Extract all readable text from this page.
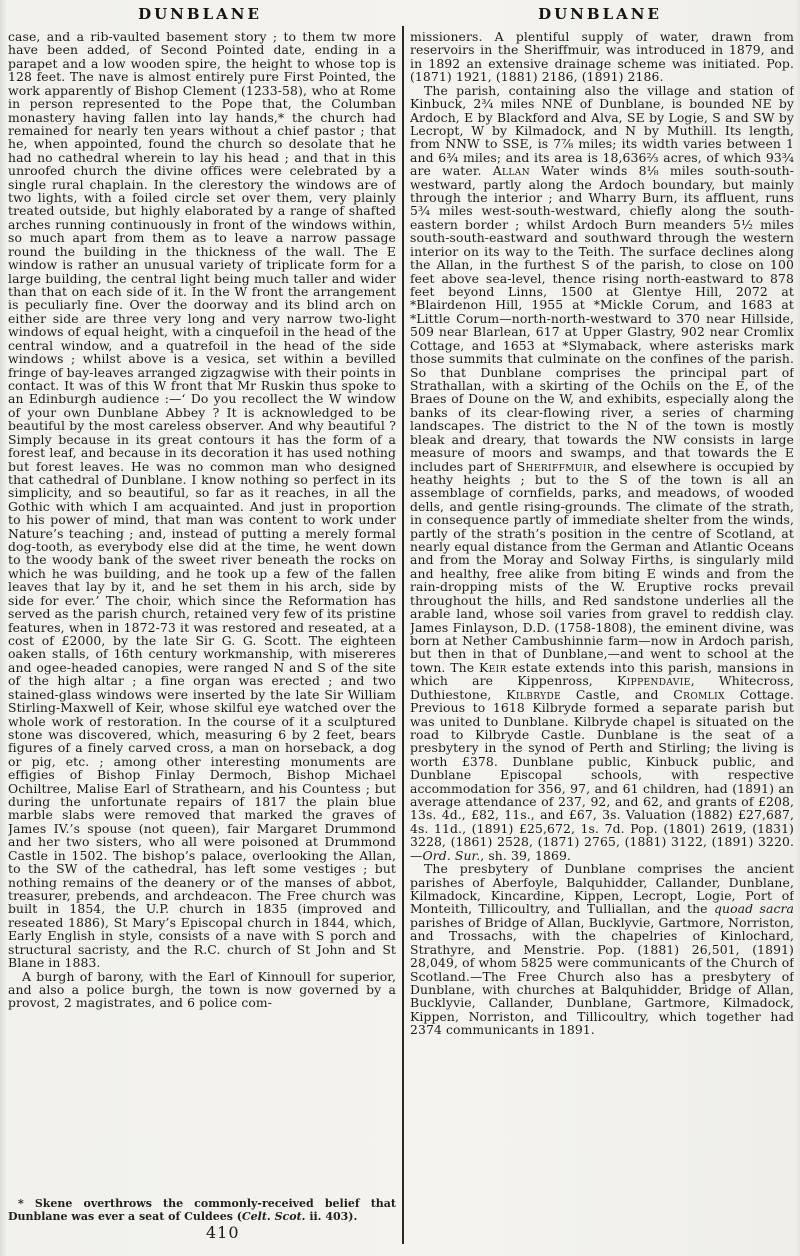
DUNBLANE	DUNBLANE

case, and a rib-vaulted basement story ; to them tw more have been added, of Second Pointed date, ending in a parapet and a low wooden spire, the height to whose top is 128 feet. The nave is almost entirely pure First Pointed, the work apparently of Bishop Clement (1233-58), who at Rome in person represented to the Pope that, the Columban monastery having fallen into lay hands,* the church had remained for nearly ten years without a chief pastor ; that he, when appointed, found the church so desolate that he had no cathedral wherein to lay his head ; and that in this unroofed church the divine offices were celebrated by a single rural chaplain. In the clerestory the windows are of two lights, with a foiled circle set over them, very plainly treated outside, but highly elaborated by a range of shafted arches running continuously in front of the windows within, so much apart from them as to leave a narrow passage round the building in the thickness of the wall. The E window is rather an unusual variety of triplicate form for a large building, the central light being much taller and wider than that on each side of it. In the W front the arrangement is peculiarly fine. Over the doorway and its blind arch on either side are three very long and very narrow two-light windows of equal height, with a cinquefoil in the head of the central window, and a quatrefoil in the head of the side windows ; whilst above is a vesica, set within a bevilled fringe of bay-leaves arranged zigzagwise with their points in contact. It was of this W front that Mr Ruskin thus spoke to an Edinburgh audience :—‘ Do you recollect the W window of your own Dunblane Abbey ? It is acknowledged to be beautiful by the most careless observer. And why beautiful ? Simply because in its great contours it has the form of a forest leaf, and because in its decoration it has used nothing but forest leaves. He was no common man who designed that cathedral of Dunblane. I know nothing so perfect in its simplicity, and so beautiful, so far as it reaches, in all the Gothic with which I am acquainted. And just in proportion to his power of mind, that man was content to work under Nature’s teaching ; and, instead of putting a merely formal dog-tooth, as everybody else did at the time, he went down to the woody bank of the sweet river beneath the rocks on which he was building, and he took up a few of the fallen leaves that lay by it, and he set them in his arch, side by side for ever.’ The choir, which since the Reformation has served as the parish church, retained very few of its pristine features, when in 1872-73 it was restored and reseated, at a cost of £2000, by the late Sir G. G. Scott. The eighteen oaken stalls, of 16th century workmanship, with misereres and ogee-headed canopies, were ranged N and S of the site of the high altar ; a fine organ was erected ; and two stained-glass windows were inserted by the late Sir William Stirling-Maxwell of Keir, whose skilful eye watched over the whole work of restoration. In the course of it a sculptured stone was discovered, which, measuring 6 by 2 feet, bears figures of a finely carved cross, a man on horseback, a dog or pig, etc. ; among other interesting monuments are effigies of Bishop Finlay Dermoch, Bishop Michael Ochiltree, Malise Earl of Strathearn, and his Countess ; but during the unfortunate repairs of 1817 the plain blue marble slabs were removed that marked the graves of James IV.’s spouse (not queen), fair Margaret Drummond and her two sisters, who all were poisoned at Drummond Castle in 1502. The bishop’s palace, overlooking the Allan, to the SW of the cathedral, has left some vestiges ; but nothing remains of the deanery or of the manses of abbot, treasurer, prebends, and archdeacon. The Free church was built in 1854, the U.P. church in 1835 (improved and reseated 1886), St Mary’s Episcopal church in 1844, which, Early English in style, consists of a nave with S porch and structural sacristy, and the R.C. church of St John and St Blane in 1883.

A burgh of barony, with the Earl of Kinnoull for superior, and also a police burgh, the town is now governed by a provost, 2 magistrates, and 6 police com-

missioners. A plentiful supply of water, drawn from reservoirs in the Sheriffmuir, was introduced in 1879, and in 1892 an extensive drainage scheme was initiated. Pop. (1871) 1921, (1881) 2186, (1891) 2186.

The parish, containing also the village and station of Kinbuck, 2¾ miles NNE of Dunblane, is bounded NE by Ardoch, E by Blackford and Alva, SE by Logie, S and SW by Lecropt, W by Kilmadock, and N by Muthill. Its length, from NNW to SSE, is 7⅞ miles; its width varies between 1 and 6¾ miles; and its area is 18,636⅔ acres, of which 93¾ are water. Allan Water winds 8⅛ miles south-south-westward, partly along the Ardoch boundary, but mainly through the interior ; and Wharry Burn, its affluent, runs 5¾ miles west-south-westward, chiefly along the south-eastern border ; whilst Ardoch Burn meanders 5½ miles south-south-eastward and southward through the western interior on its way to the Teith. The surface declines along the Allan, in the furthest S of the parish, to close on 100 feet above sea-level, thence rising north-eastward to 878 feet beyond Linns, 1500 at Glentye Hill, 2072 at *Blairdenon Hill, 1955 at *Mickle Corum, and 1683 at *Little Corum—north-north-westward to 370 near Hillside, 509 near Blarlean, 617 at Upper Glastry, 902 near Cromlix Cottage, and 1653 at *Slymaback, where asterisks mark those summits that culminate on the confines of the parish. So that Dunblane comprises the principal part of Strathallan, with a skirting of the Ochils on the E, of the Braes of Doune on the W, and exhibits, especially along the banks of its clear-flowing river, a series of charming landscapes. The district to the N of the town is mostly bleak and dreary, that towards the NW consists in large measure of moors and swamps, and that towards the E includes part of Sheriffmuir, and elsewhere is occupied by heathy heights ; but to the S of the town is all an assemblage of cornfields, parks, and meadows, of wooded dells, and gentle rising-grounds. The climate of the strath, in consequence partly of immediate shelter from the winds, partly of the strath’s position in the centre of Scotland, at nearly equal distance from the German and Atlantic Oceans and from the Moray and Solway Firths, is singularly mild and healthy, free alike from biting E winds and from the rain-dropping mists of the W. Eruptive rocks prevail throughout the hills, and Red sandstone underlies all the arable land, whose soil varies from gravel to reddish clay. James Finlayson, D.D. (1758-1808), the eminent divine, was born at Nether Cambushinnie farm—now in Ardoch parish, but then in that of Dunblane,—and went to school at the town. The Keir estate extends into this parish, mansions in which are Kippenross, Kippendavie, Whitecross, Duthiestone, Kilbryde Castle, and Cromlix Cottage. Previous to 1618 Kilbryde formed a separate parish but was united to Dunblane. Kilbryde chapel is situated on the road to Kilbryde Castle. Dunblane is the seat of a presbytery in the synod of Perth and Stirling; the living is worth £378. Dunblane public, Kinbuck public, and Dunblane Episcopal schools, with respective accommodation for 356, 97, and 61 children, had (1891) an average attendance of 237, 92, and 62, and grants of £208, 13s. 4d., £82, 11s., and £67, 3s. Valuation (1882) £27,687, 4s. 11d., (1891) £25,672, 1s. 7d. Pop. (1801) 2619, (1831) 3228, (1861) 2528, (1871) 2765, (1881) 3122, (1891) 3220.—Ord. Sur., sh. 39, 1869.

The presbytery of Dunblane comprises the ancient parishes of Aberfoyle, Balquhidder, Callander, Dunblane, Kilmadock, Kincardine, Kippen, Lecropt, Logie, Port of Monteith, Tillicoultry, and Tulliallan, and the quoad sacra parishes of Bridge of Allan, Bucklyvie, Gartmore, Norriston, and Trossachs, with the chapelries of Kinlochard, Strathyre, and Menstrie. Pop. (1881) 26,501, (1891) 28,049, of whom 5825 were communicants of the Church of Scotland.—The Free Church also has a presbytery of Dunblane, with churches at Balquhidder, Bridge of Allan, Bucklyvie, Callander, Dunblane, Gartmore, Kilmadock, Kippen, Norriston, and Tillicoultry, which together had 2374 communicants in 1891.

* Skene overthrows the commonly-received belief that Dunblane was ever a seat of Culdees (Celt. Scot. ii. 403).

410
